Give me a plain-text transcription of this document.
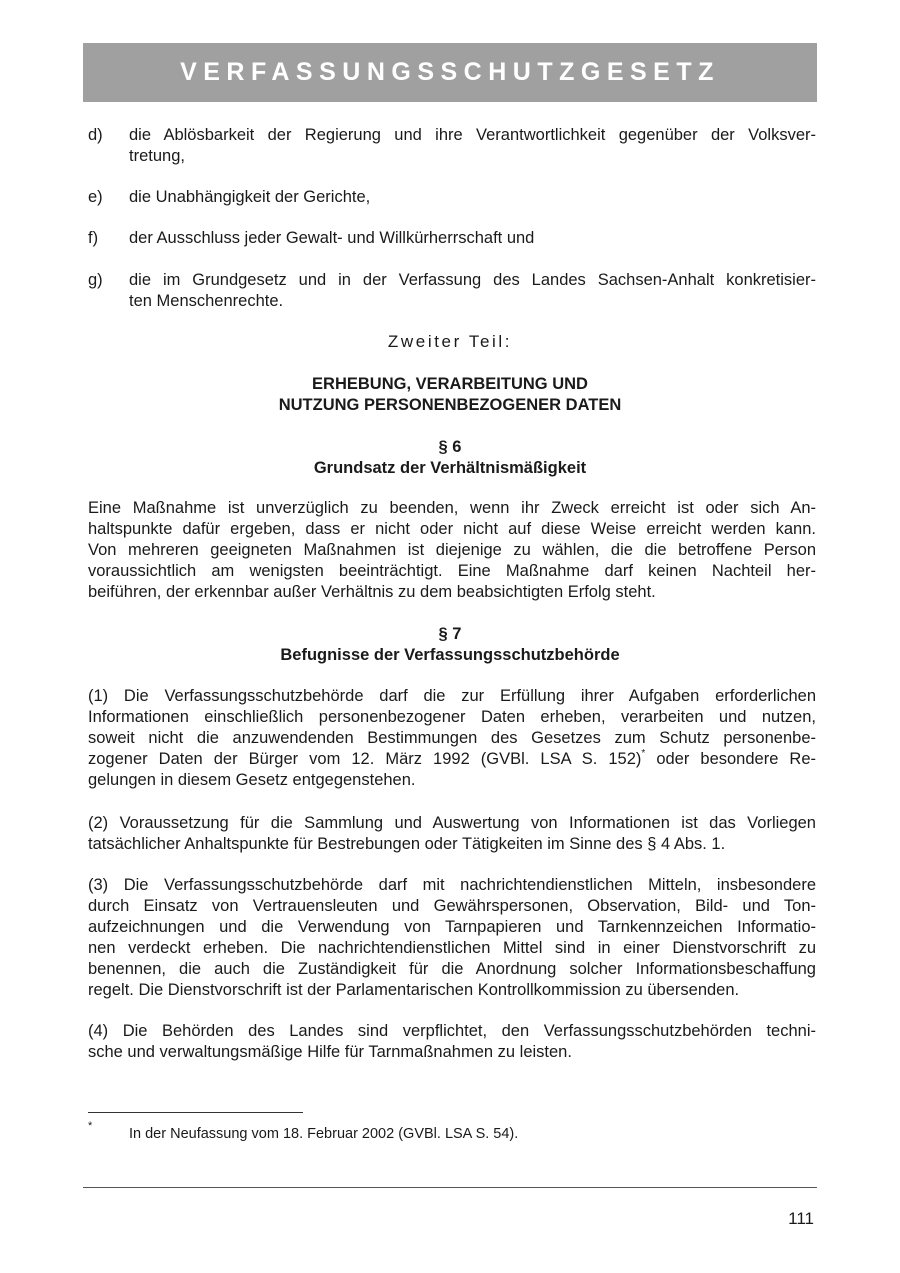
VERFASSUNGSSCHUTZGESETZ
d) die Ablösbarkeit der Regierung und ihre Verantwortlichkeit gegenüber der Volksver-
tretung,
e) die Unabhängigkeit der Gerichte,
f) der Ausschluss jeder Gewalt- und Willkürherrschaft und
g) die im Grundgesetz und in der Verfassung des Landes Sachsen-Anhalt konkretisier-
ten Menschenrechte.
Zweiter Teil:
ERHEBUNG, VERARBEITUNG UND
NUTZUNG PERSONENBEZOGENER DATEN
§ 6
Grundsatz der Verhältnismäßigkeit
Eine Maßnahme ist unverzüglich zu beenden, wenn ihr Zweck erreicht ist oder sich An-
haltspunkte dafür ergeben, dass er nicht oder nicht auf diese Weise erreicht werden kann.
Von mehreren geeigneten Maßnahmen ist diejenige zu wählen, die die betroffene Person
voraussichtlich am wenigsten beeinträchtigt. Eine Maßnahme darf keinen Nachteil her-
beiführen, der erkennbar außer Verhältnis zu dem beabsichtigten Erfolg steht.
§ 7
Befugnisse der Verfassungsschutzbehörde
(1) Die Verfassungsschutzbehörde darf die zur Erfüllung ihrer Aufgaben erforderlichen
Informationen einschließlich personenbezogener Daten erheben, verarbeiten und nutzen,
soweit nicht die anzuwendenden Bestimmungen des Gesetzes zum Schutz personenbe-
zogener Daten der Bürger vom 12. März 1992 (GVBl. LSA S. 152)* oder besondere Re-
gelungen in diesem Gesetz entgegenstehen.
(2) Voraussetzung für die Sammlung und Auswertung von Informationen ist das Vorliegen
tatsächlicher Anhaltspunkte für Bestrebungen oder Tätigkeiten im Sinne des § 4 Abs. 1.
(3) Die Verfassungsschutzbehörde darf mit nachrichtendienstlichen Mitteln, insbesondere
durch Einsatz von Vertrauensleuten und Gewährspersonen, Observation, Bild- und Ton-
aufzeichnungen und die Verwendung von Tarnpapieren und Tarnkennzeichen Informatio-
nen verdeckt erheben. Die nachrichtendienstlichen Mittel sind in einer Dienstvorschrift zu
benennen, die auch die Zuständigkeit für die Anordnung solcher Informationsbeschaffung
regelt. Die Dienstvorschrift ist der Parlamentarischen Kontrollkommission zu übersenden.
(4) Die Behörden des Landes sind verpflichtet, den Verfassungsschutzbehörden techni-
sche und verwaltungsmäßige Hilfe für Tarnmaßnahmen zu leisten.
*	In der Neufassung vom 18. Februar 2002 (GVBl. LSA S. 54).
111
